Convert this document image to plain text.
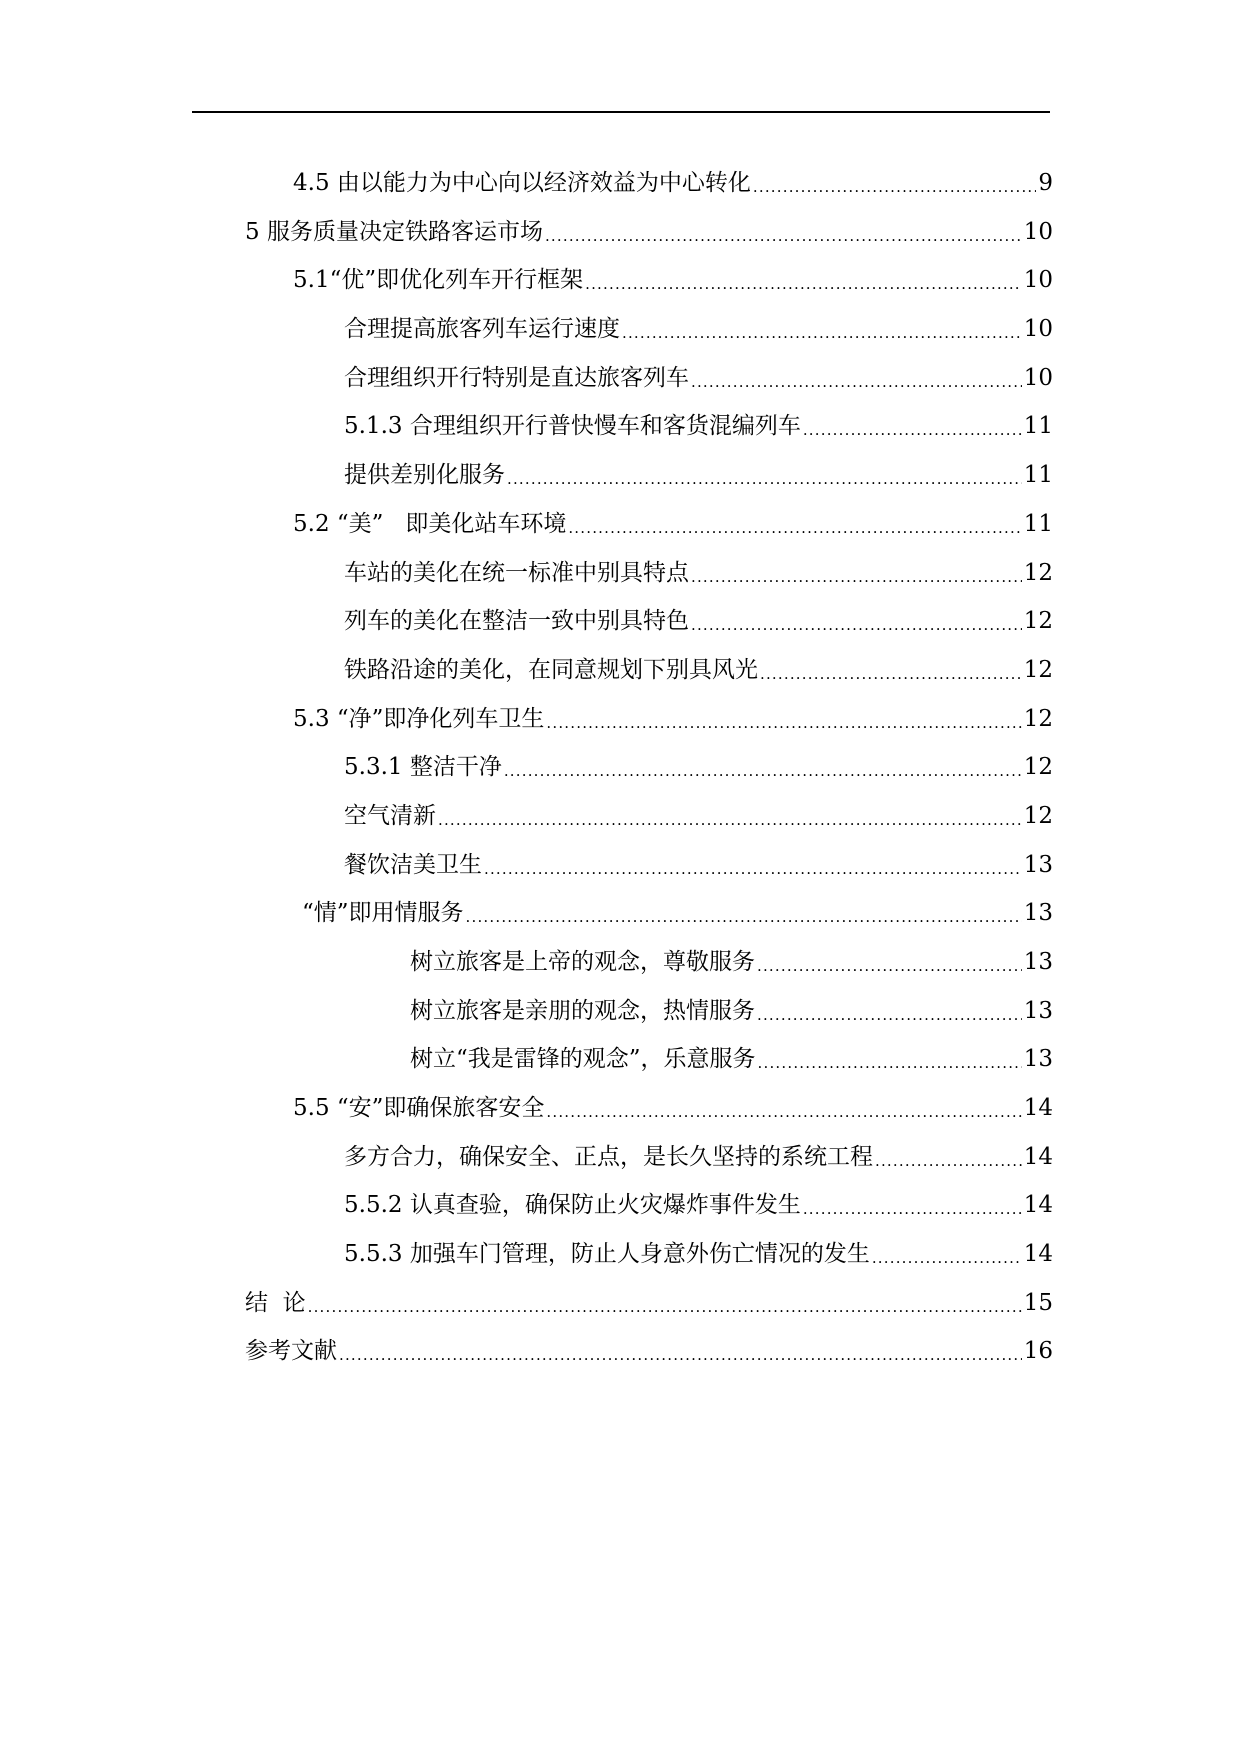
4.5 由以能力为中心向以经济效益为中心转化 .....	9
5 服务质量决定铁路客运市场 .....	10
5.1“优”即优化列车开行框架 .....	10
合理提高旅客列车运行速度 .....	10
合理组织开行特别是直达旅客列车 .....	10
5.1.3 合理组织开行普快慢车和客货混编列车 .....	11
提供差别化服务 .....	11
5.2 “美”   即美化站车环境 .....	11
车站的美化在统一标准中别具特点 .....	12
列车的美化在整洁一致中别具特色 .....	12
铁路沿途的美化，在同意规划下别具风光 .....	12
5.3 “净”即净化列车卫生 .....	12
5.3.1 整洁干净 .....	12
空气清新 .....	12
餐饮洁美卫生 .....	13
“情”即用情服务 .....	13
树立旅客是上帝的观念，尊敬服务 .....	13
树立旅客是亲朋的观念，热情服务 .....	13
树立“我是雷锋的观念”，乐意服务 .....	13
5.5 “安”即确保旅客安全 .....	14
多方合力，确保安全、正点，是长久坚持的系统工程 .....	14
5.5.2 认真查验，确保防止火灾爆炸事件发生 .....	14
5.5.3 加强车门管理，防止人身意外伤亡情况的发生 .....	14
结  论 .....	15
参考文献 .....	16
